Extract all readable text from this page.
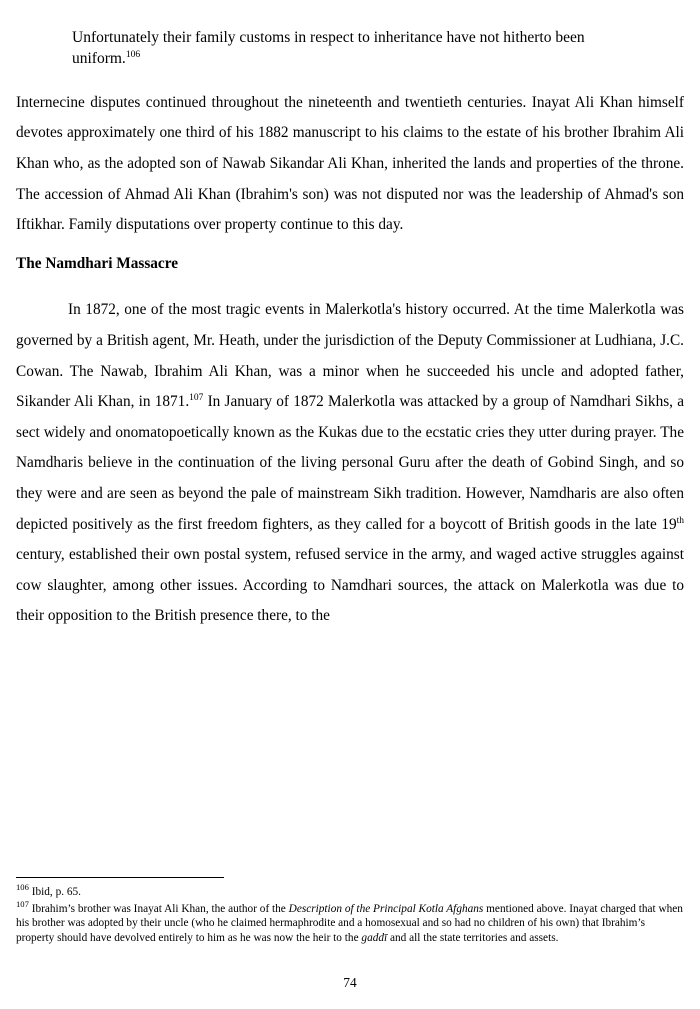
Unfortunately their family customs in respect to inheritance have not hitherto been uniform.$^{106}$

Internecine disputes continued throughout the nineteenth and twentieth centuries. Inayat Ali Khan himself devotes approximately one third of his 1882 manuscript to his claims to the estate of his brother Ibrahim Ali Khan who, as the adopted son of Nawab Sikandar Ali Khan, inherited the lands and properties of the throne. The accession of Ahmad Ali Khan (Ibrahim's son) was not disputed nor was the leadership of Ahmad's son Iftikhar. Family disputations over property continue to this day.

The Namdhari Massacre

In 1872, one of the most tragic events in Malerkotla's history occurred. At the time Malerkotla was governed by a British agent, Mr. Heath, under the jurisdiction of the Deputy Commissioner at Ludhiana, J.C. Cowan. The Nawab, Ibrahim Ali Khan, was a minor when he succeeded his uncle and adopted father, Sikander Ali Khan, in 1871.$^{107}$ In January of 1872 Malerkotla was attacked by a group of Namdhari Sikhs, a sect widely and onomatopoetically known as the Kukas due to the ecstatic cries they utter during prayer. The Namdharis believe in the continuation of the living personal Guru after the death of Gobind Singh, and so they were and are seen as beyond the pale of mainstream Sikh tradition. However, Namdharis are also often depicted positively as the first freedom fighters, as they called for a boycott of British goods in the late 19th century, established their own postal system, refused service in the army, and waged active struggles against cow slaughter, among other issues. According to Namdhari sources, the attack on Malerkotla was due to their opposition to the British presence there, to the

$^{106}$ Ibid, p. 65.
$^{107}$ Ibrahim’s brother was Inayat Ali Khan, the author of the Description of the Principal Kotla Afghans mentioned above. Inayat charged that when his brother was adopted by their uncle (who he claimed hermaphrodite and a homosexual and so had no children of his own) that Ibrahim’s property should have devolved entirely to him as he was now the heir to the gaddī and all the state territories and assets.
74
